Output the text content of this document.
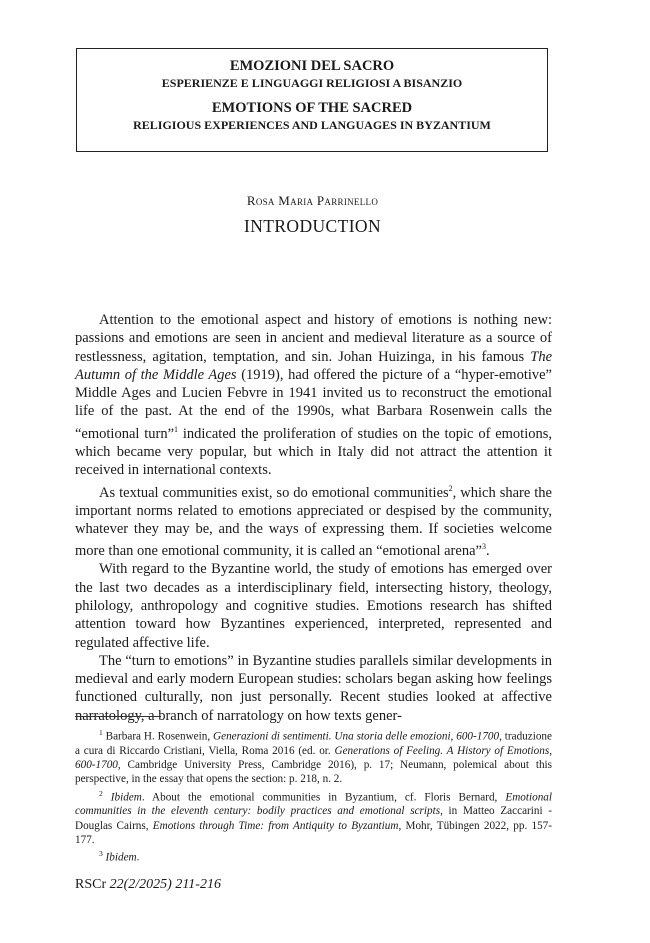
EMOZIONI DEL SACRO
ESPERIENZE E LINGUAGGI RELIGIOSI A BISANZIO
EMOTIONS OF THE SACRED
RELIGIOUS EXPERIENCES AND LANGUAGES IN BYZANTIUM
Rosa Maria Parrinello
INTRODUCTION

Attention to the emotional aspect and history of emotions is nothing new: passions and emotions are seen in ancient and medieval literature as a source of restlessness, agitation, temptation, and sin. Johan Huizinga, in his famous The Autumn of the Middle Ages (1919), had offered the picture of a “hyper-emotive” Middle Ages and Lucien Febvre in 1941 invited us to reconstruct the emotional life of the past. At the end of the 1990s, what Barbara Rosenwein calls the “emotional turn”$^1$ indicated the proliferation of studies on the topic of emotions, which became very popular, but which in Italy did not attract the attention it received in international contexts.

As textual communities exist, so do emotional communities$^2$, which share the important norms related to emotions appreciated or despised by the community, whatever they may be, and the ways of expressing them. If societies welcome more than one emotional community, it is called an “emotional arena”$^3$.

With regard to the Byzantine world, the study of emotions has emerged over the last two decades as a interdisciplinary field, intersecting history, theology, philology, anthropology and cognitive studies. Emotions research has shifted attention toward how Byzantines experienced, interpreted, represented and regulated affective life.

The “turn to emotions” in Byzantine studies parallels similar developments in medieval and early modern European studies: scholars began asking how feelings functioned culturally, non just personally. Recent studies looked at affective narratology, a branch of narratology on how texts gener-

$^1$ Barbara H. Rosenwein, Generazioni di sentimenti. Una storia delle emozioni, 600-1700, traduzione a cura di Riccardo Cristiani, Viella, Roma 2016 (ed. or. Generations of Feeling. A History of Emotions, 600-1700, Cambridge University Press, Cambridge 2016), p. 17; Neumann, polemical about this perspective, in the essay that opens the section: p. 218, n. 2.

$^2$ Ibidem. About the emotional communities in Byzantium, cf. Floris Bernard, Emotional communities in the eleventh century: bodily practices and emotional scripts, in Matteo Zaccarini - Douglas Cairns, Emotions through Time: from Antiquity to Byzantium, Mohr, Tübingen 2022, pp. 157-177.

$^3$ Ibidem.

RSCr 22(2/2025) 211-216
